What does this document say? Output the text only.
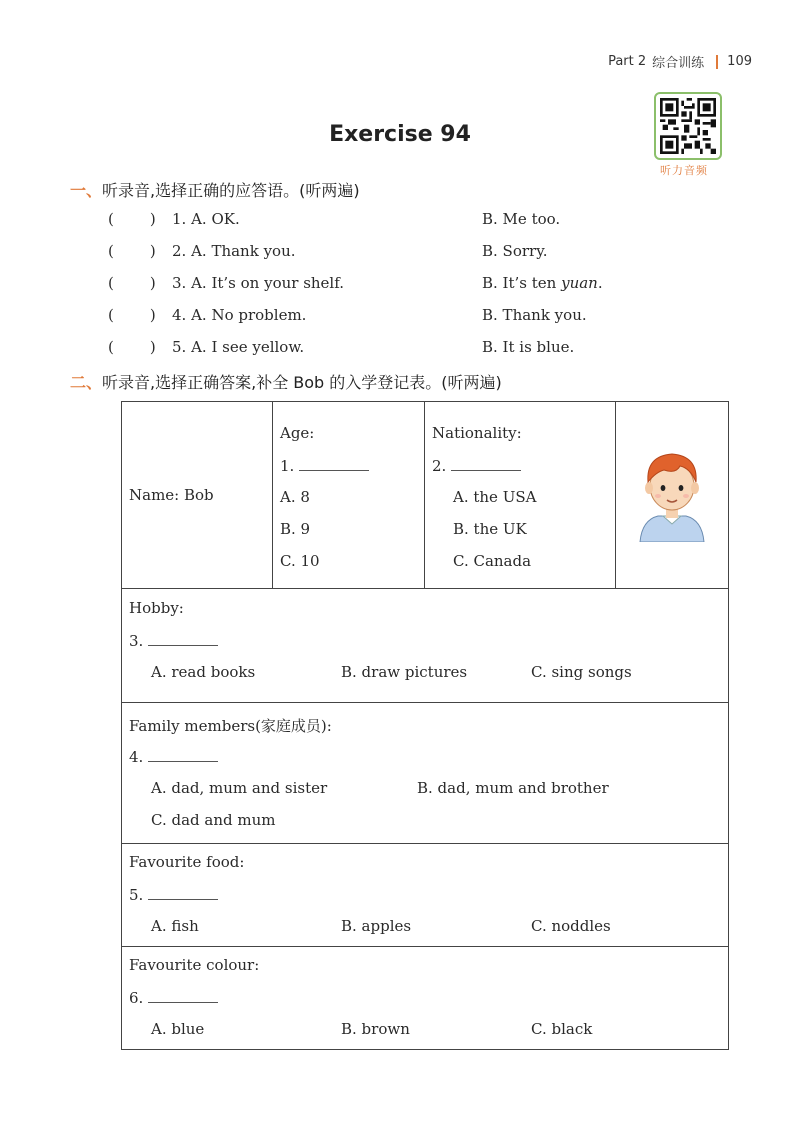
Part 2 综合训练 109
听力音频
Exercise 94
一、听录音,选择正确的应答语。(听两遍)
( ) 1. A. OK.	B. Me too.
( ) 2. A. Thank you.	B. Sorry.
( ) 3. A. It’s on your shelf.	B. It’s ten yuan.
( ) 4. A. No problem.	B. Thank you.
( ) 5. A. I see yellow.	B. It is blue.
二、听录音,选择正确答案,补全 Bob 的入学登记表。(听两遍)
Name: Bob

Age:
1.
A. 8
B. 9
C. 10

Nationality:
2.
A. the USA
B. the UK
C. Canada

Hobby:
3.
A. read books	B. draw pictures	C. sing songs

Family members(家庭成员):
4.
A. dad, mum and sister	B. dad, mum and brother
C. dad and mum

Favourite food:
5.
A. fish	B. apples	C. noddles

Favourite colour:
6.
A. blue	B. brown	C. black
